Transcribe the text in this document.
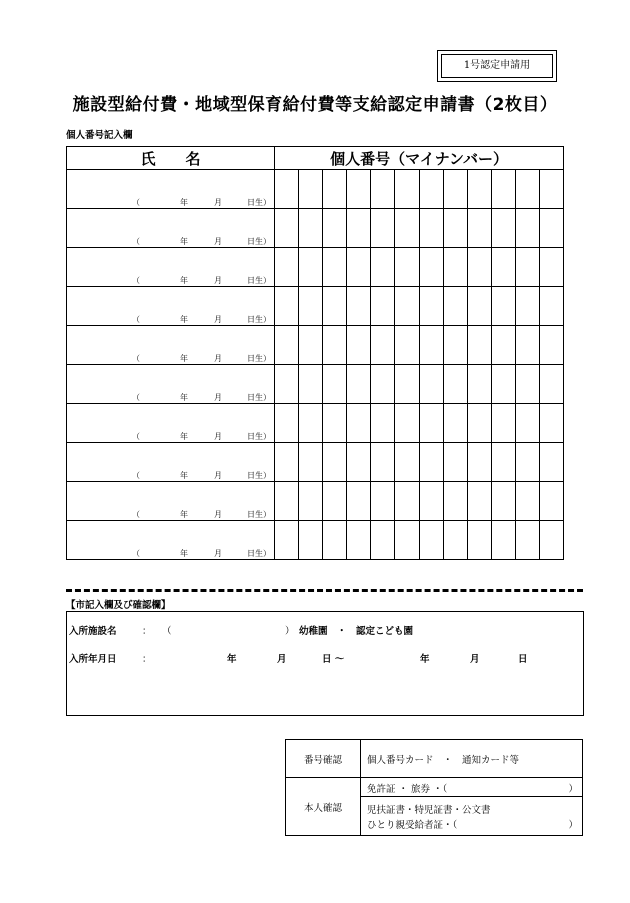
1号認定申請用
施設型給付費・地域型保育給付費等支給認定申請書（2枚目）
個人番号記入欄
氏　　名	個人番号（マイナンバー）											

（ 年 月 日生）												

（ 年 月 日生）												

（ 年 月 日生）												

（ 年 月 日生）												

（ 年 月 日生）												

（ 年 月 日生）												

（ 年 月 日生）												

（ 年 月 日生）												

（ 年 月 日生）												

（ 年 月 日生）												

【市記入欄及び確認欄】
入所施設名	： （	） 幼稚園　・　認定こども園
入所年月日	：	年	月	日 ～	年	月	日
番号確認	個人番号カード　・　通知カード等
本人確認	免許証 ・ 旅券 ・（ ）
児扶証書・特児証書・公文書
ひとり親受給者証・（ ）
